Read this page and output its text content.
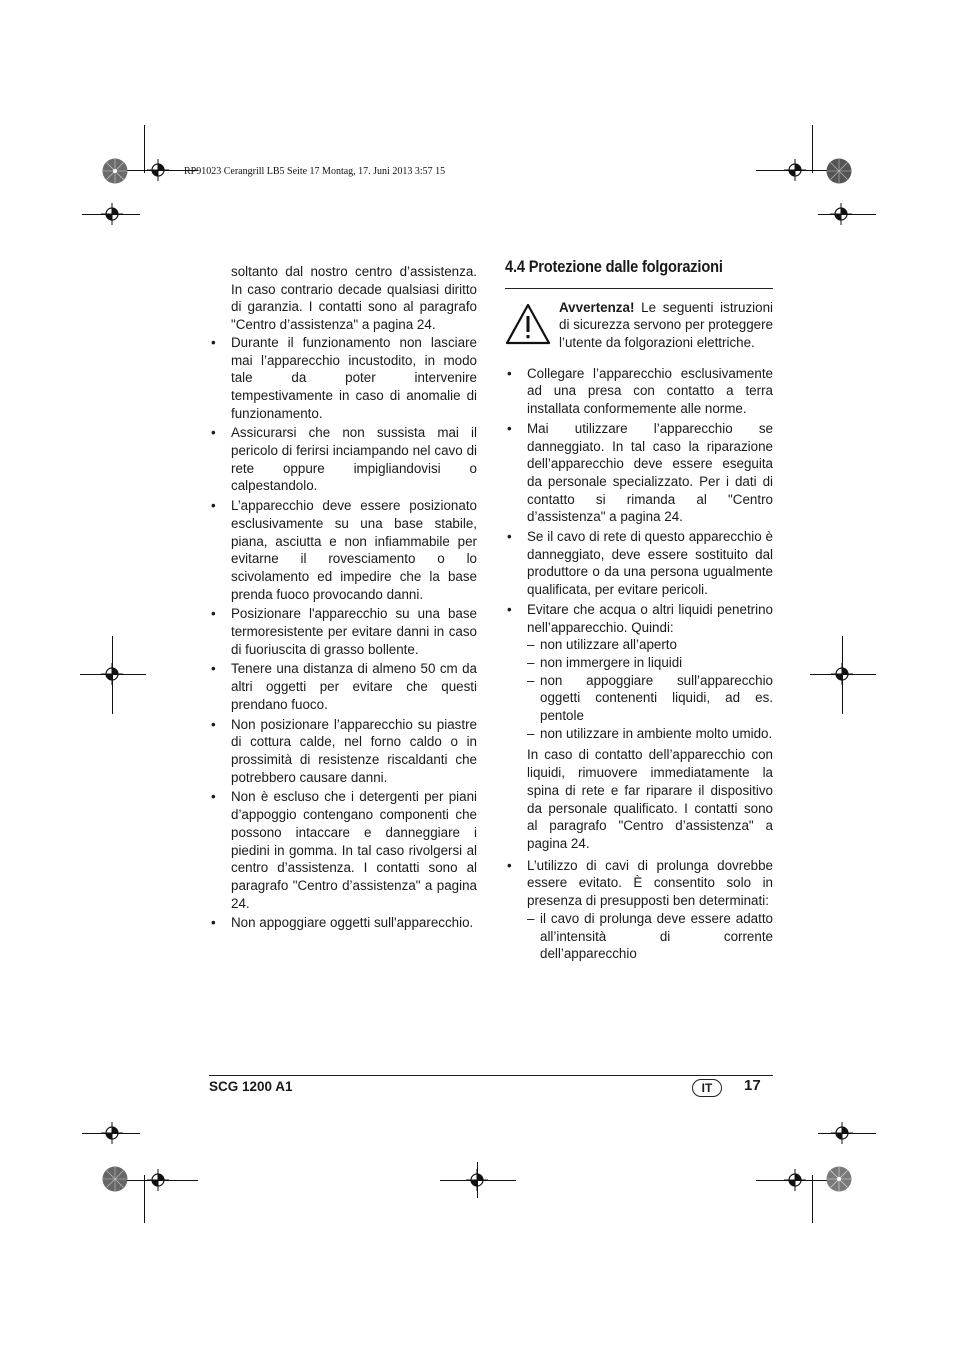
RP91023 Cerangrill LB5 Seite 17 Montag, 17. Juni 2013 3:57 15

soltanto dal nostro centro d’assistenza. In caso contrario decade qualsiasi diritto di garanzia. I contatti sono al paragrafo "Centro d’assistenza" a pagina 24.

• Durante il funzionamento non lasciare mai l’apparecchio incustodito, in modo tale da poter intervenire tempestivamente in caso di anomalie di funzionamento.
• Assicurarsi che non sussista mai il pericolo di ferirsi inciampando nel cavo di rete oppure impigliandovisi o calpestandolo.
• L’apparecchio deve essere posizionato esclusivamente su una base stabile, piana, asciutta e non infiammabile per evitarne il rovesciamento o lo scivolamento ed impedire che la base prenda fuoco provocando danni.
• Posizionare l'apparecchio su una base termoresistente per evitare danni in caso di fuoriuscita di grasso bollente.
• Tenere una distanza di almeno 50 cm da altri oggetti per evitare che questi prendano fuoco.
• Non posizionare l’apparecchio su piastre di cottura calde, nel forno caldo o in prossimità di resistenze riscaldanti che potrebbero causare danni.
• Non è escluso che i detergenti per piani d’appoggio contengano componenti che possono intaccare e danneggiare i piedini in gomma. In tal caso rivolgersi al centro d’assistenza. I contatti sono al paragrafo "Centro d’assistenza" a pagina 24.
• Non appoggiare oggetti sull'apparecchio.
4.4 Protezione dalle folgorazioni
Avvertenza! Le seguenti istruzioni di sicurezza servono per proteggere l’utente da folgorazioni elettriche.
• Collegare l’apparecchio esclusivamente ad una presa con contatto a terra installata conformemente alle norme.
• Mai utilizzare l’apparecchio se danneggiato. In tal caso la riparazione dell’apparecchio deve essere eseguita da personale specializzato. Per i dati di contatto si rimanda al "Centro d’assistenza" a pagina 24.
• Se il cavo di rete di questo apparecchio è danneggiato, deve essere sostituito dal produttore o da una persona ugualmente qualificata, per evitare pericoli.
• Evitare che acqua o altri liquidi penetrino nell’apparecchio. Quindi:
– non utilizzare all’aperto
– non immergere in liquidi
– non appoggiare sull’apparecchio oggetti contenenti liquidi, ad es. pentole
– non utilizzare in ambiente molto umido.

In caso di contatto dell’apparecchio con liquidi, rimuovere immediatamente la spina di rete e far riparare il dispositivo da personale qualificato. I contatti sono al paragrafo "Centro d’assistenza" a pagina 24.

• L’utilizzo di cavi di prolunga dovrebbe essere evitato. È consentito solo in presenza di presupposti ben determinati:
– il cavo di prolunga deve essere adatto all’intensità di corrente dell’apparecchio
SCG 1200 A1	IT	17
